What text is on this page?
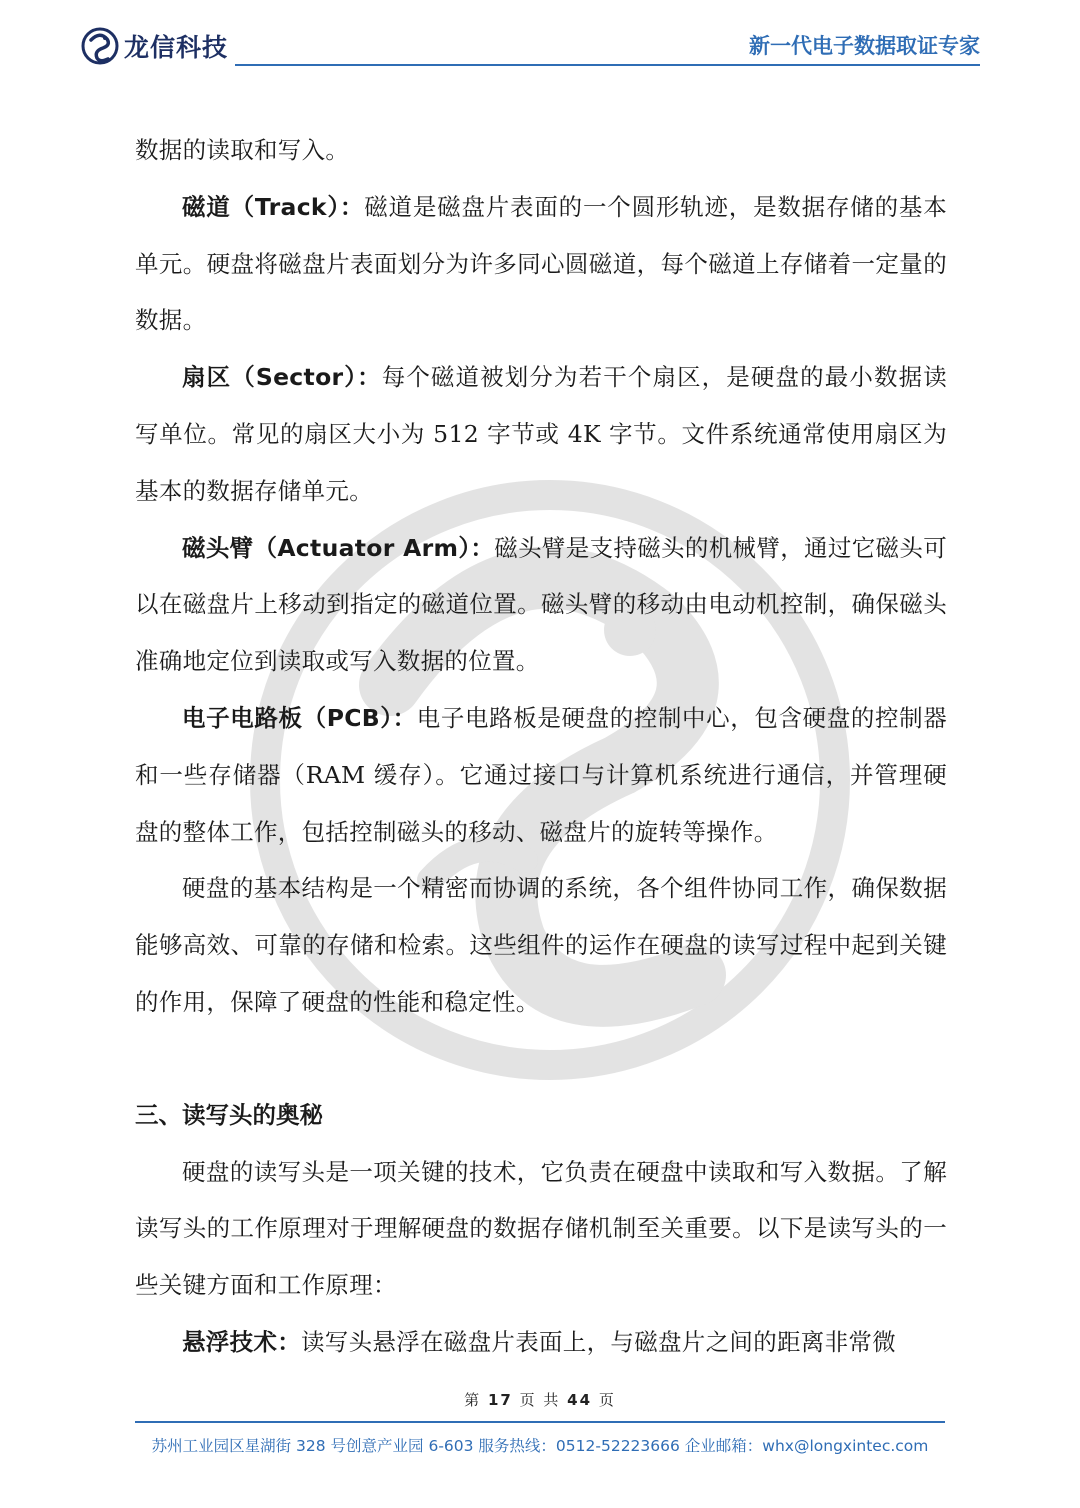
龙信科技	新一代电子数据取证专家

数据的读取和写入。

磁道（Track）：磁道是磁盘片表面的一个圆形轨迹，是数据存储的基本单元。硬盘将磁盘片表面划分为许多同心圆磁道，每个磁道上存储着一定量的数据。

扇区（Sector）：每个磁道被划分为若干个扇区，是硬盘的最小数据读写单位。常见的扇区大小为 512 字节或 4K 字节。文件系统通常使用扇区为基本的数据存储单元。

磁头臂（Actuator Arm）：磁头臂是支持磁头的机械臂，通过它磁头可以在磁盘片上移动到指定的磁道位置。磁头臂的移动由电动机控制，确保磁头准确地定位到读取或写入数据的位置。

电子电路板（PCB）：电子电路板是硬盘的控制中心，包含硬盘的控制器和一些存储器（RAM 缓存）。它通过接口与计算机系统进行通信，并管理硬盘的整体工作，包括控制磁头的移动、磁盘片的旋转等操作。

硬盘的基本结构是一个精密而协调的系统，各个组件协同工作，确保数据能够高效、可靠的存储和检索。这些组件的运作在硬盘的读写过程中起到关键的作用，保障了硬盘的性能和稳定性。

三、读写头的奥秘

硬盘的读写头是一项关键的技术，它负责在硬盘中读取和写入数据。了解读写头的工作原理对于理解硬盘的数据存储机制至关重要。以下是读写头的一些关键方面和工作原理：

悬浮技术：读写头悬浮在磁盘片表面上，与磁盘片之间的距离非常微

第 17 页 共 44 页
苏州工业园区星湖街 328 号创意产业园 6-603 服务热线：0512-52223666 企业邮箱：whx@longxintec.com
